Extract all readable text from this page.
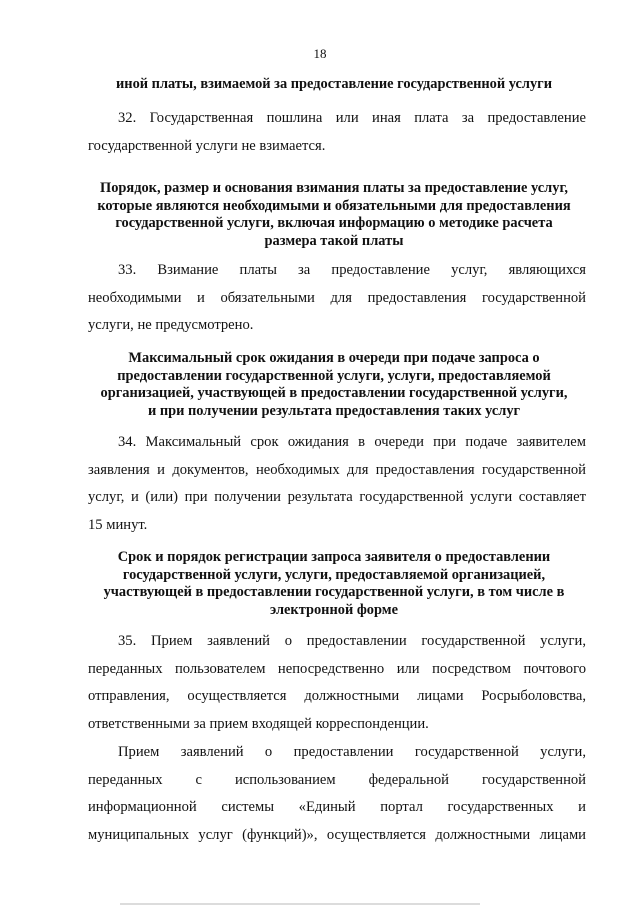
18
иной платы, взимаемой за предоставление государственной услуги
32. Государственная пошлина или иная плата за предоставление
государственной услуги не взимается.
Порядок, размер и основания взимания платы за предоставление услуг,
которые являются необходимыми и обязательными для предоставления
государственной услуги, включая информацию о методике расчета
размера такой платы
33. Взимание платы за предоставление услуг, являющихся
необходимыми и обязательными для предоставления государственной
услуги, не предусмотрено.
Максимальный срок ожидания в очереди при подаче запроса о
предоставлении государственной услуги, услуги, предоставляемой
организацией, участвующей в предоставлении государственной услуги,
и при получении результата предоставления таких услуг
34. Максимальный срок ожидания в очереди при подаче заявителем
заявления и документов, необходимых для предоставления государственной
услуг, и (или) при получении результата государственной услуги составляет
15 минут.
Срок и порядок регистрации запроса заявителя о предоставлении
государственной услуги, услуги, предоставляемой организацией,
участвующей в предоставлении государственной услуги, в том числе в
электронной форме
35. Прием заявлений о предоставлении государственной услуги,
переданных пользователем непосредственно или посредством почтового
отправления, осуществляется должностными лицами Росрыболовства,
ответственными за прием входящей корреспонденции.
Прием заявлений о предоставлении государственной услуги,
переданных с использованием федеральной государственной
информационной системы «Единый портал государственных и
муниципальных услуг (функций)», осуществляется должностными лицами
